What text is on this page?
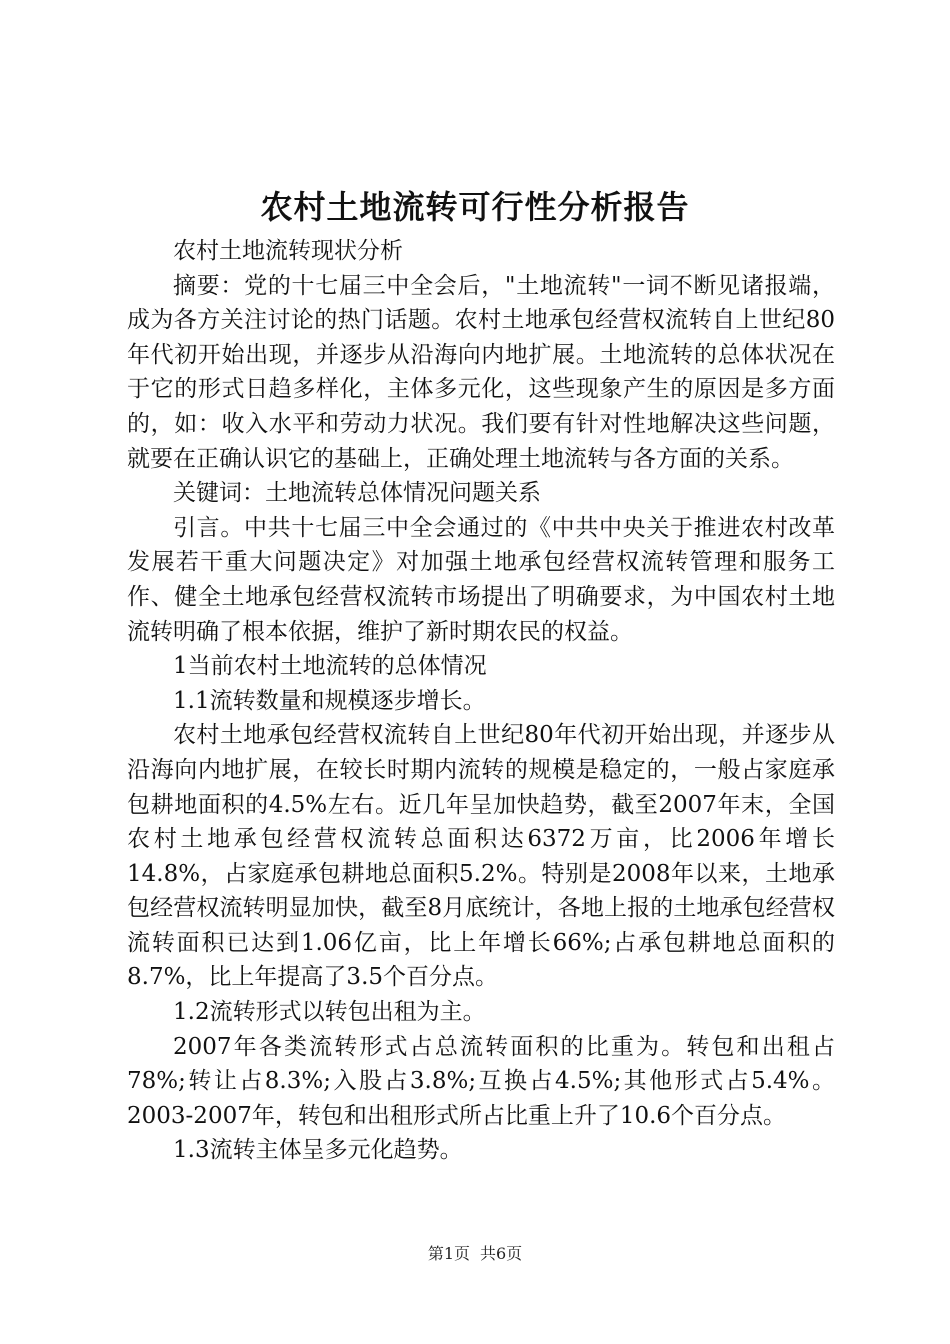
农村土地流转可行性分析报告

农村土地流转现状分析

摘要：党的十七届三中全会后，"土地流转"一词不断见诸报端，成为各方关注讨论的热门话题。农村土地承包经营权流转自上世纪80年代初开始出现，并逐步从沿海向内地扩展。土地流转的总体状况在于它的形式日趋多样化，主体多元化，这些现象产生的原因是多方面的，如：收入水平和劳动力状况。我们要有针对性地解决这些问题，就要在正确认识它的基础上，正确处理土地流转与各方面的关系。

关键词：土地流转总体情况问题关系

引言。中共十七届三中全会通过的《中共中央关于推进农村改革发展若干重大问题决定》对加强土地承包经营权流转管理和服务工作、健全土地承包经营权流转市场提出了明确要求，为中国农村土地流转明确了根本依据，维护了新时期农民的权益。

1当前农村土地流转的总体情况

1.1流转数量和规模逐步增长。

农村土地承包经营权流转自上世纪80年代初开始出现，并逐步从沿海向内地扩展，在较长时期内流转的规模是稳定的，一般占家庭承包耕地面积的4.5%左右。近几年呈加快趋势，截至2007年末，全国农村土地承包经营权流转总面积达6372万亩，比2006年增长14.8%，占家庭承包耕地总面积5.2%。特别是2008年以来，土地承包经营权流转明显加快，截至8月底统计，各地上报的土地承包经营权流转面积已达到1.06亿亩，比上年增长66%;占承包耕地总面积的8.7%，比上年提高了3.5个百分点。

1.2流转形式以转包出租为主。

2007年各类流转形式占总流转面积的比重为。转包和出租占78%;转让占8.3%;入股占3.8%;互换占4.5%;其他形式占5.4%。2003-2007年，转包和出租形式所占比重上升了10.6个百分点。

1.3流转主体呈多元化趋势。

第1页 共6页
